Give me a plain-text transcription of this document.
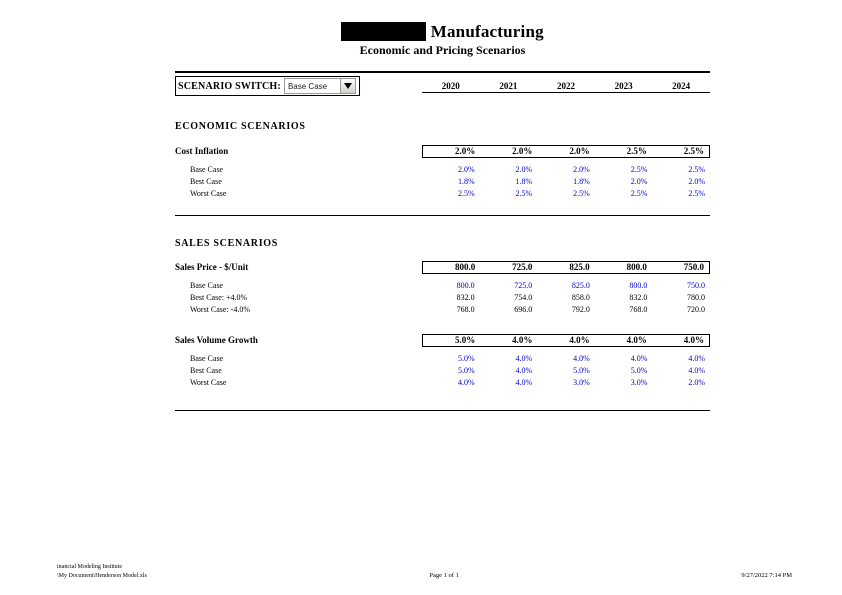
Henderson Manufacturing
Economic and Pricing Scenarios
SCENARIO SWITCH: Base Case	2020	2021	2022	2023	2024
ECONOMIC SCENARIOS
Cost Inflation	2.0%	2.0%	2.0%	2.5%	2.5%
Base Case	2.0%	2.0%	2.0%	2.5%	2.5%
Best Case	1.8%	1.8%	1.8%	2.0%	2.0%
Worst Case	2.5%	2.5%	2.5%	2.5%	2.5%
SALES SCENARIOS
Sales Price - $/Unit	800.0	725.0	825.0	800.0	750.0
Base Case	800.0	725.0	825.0	800.0	750.0
Best Case: +4.0%	832.0	754.0	858.0	832.0	780.0
Worst Case: -4.0%	768.0	696.0	792.0	768.0	720.0
Sales Volume Growth	5.0%	4.0%	4.0%	4.0%	4.0%
Base Case	5.0%	4.0%	4.0%	4.0%	4.0%
Best Case	5.0%	4.0%	5.0%	5.0%	4.0%
Worst Case	4.0%	4.0%	3.0%	3.0%	2.0%
inancial Modeling Institute
\My Document\Henderson Model.xls	Page 1 of 1	9/27/2022 7:14 PM
